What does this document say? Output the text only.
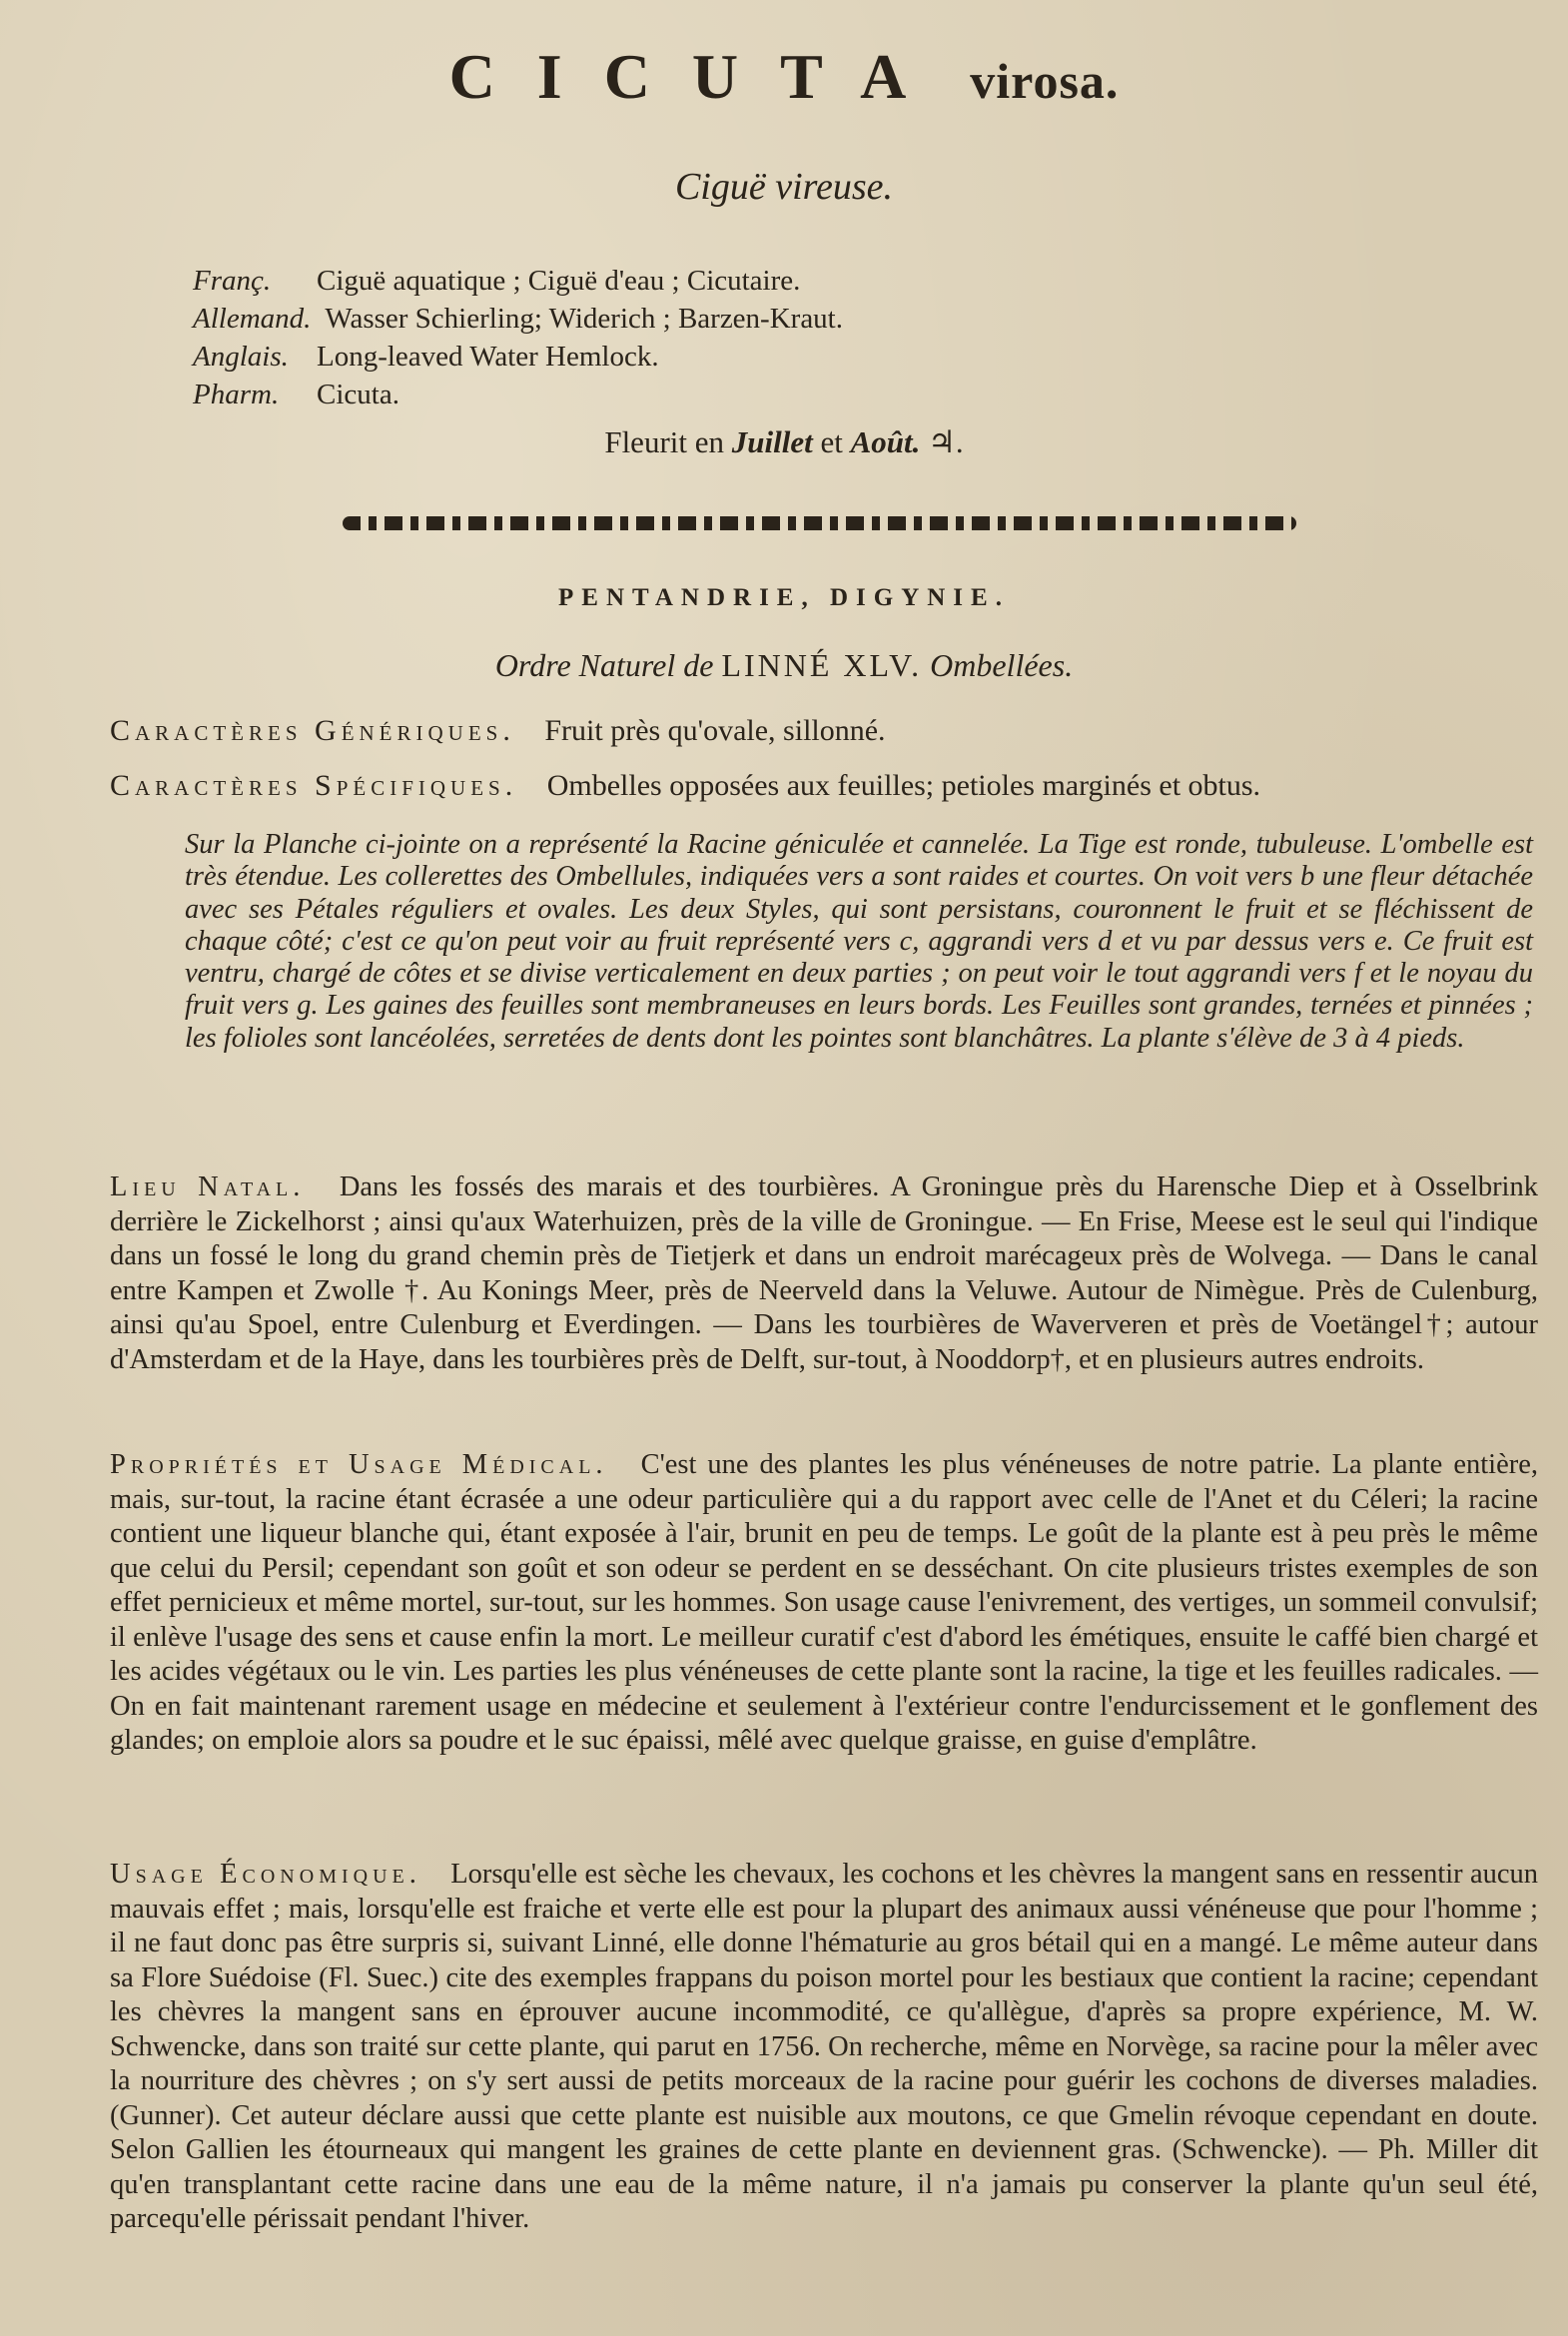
CICUTA virosa.
Ciguë vireuse.
Franç. Ciguë aquatique ; Ciguë d'eau ; Cicutaire.
Allemand. Wasser Schierling; Widerich ; Barzen-Kraut.
Anglais. Long-leaved Water Hemlock.
Pharm. Cicuta.
Fleurit en Juillet et Août. ♃.
PENTANDRIE, DIGYNIE.
Ordre Naturel de LINNÉ XLV. Ombellées.
Caractères Génériques. Fruit près qu'ovale, sillonné.
Caractères Spécifiques. Ombelles opposées aux feuilles; petioles marginés et obtus.
Sur la Planche ci-jointe on a représenté la Racine géniculée et cannelée. La Tige est ronde, tubuleuse. L'ombelle est très étendue. Les collerettes des Ombellules, indiquées vers a sont raides et courtes. On voit vers b une fleur détachée avec ses Pétales réguliers et ovales. Les deux Styles, qui sont persistans, couronnent le fruit et se fléchissent de chaque côté; c'est ce qu'on peut voir au fruit représenté vers c, aggrandi vers d et vu par dessus vers e. Ce fruit est ventru, chargé de côtes et se divise verticalement en deux parties ; on peut voir le tout aggrandi vers f et le noyau du fruit vers g. Les gaines des feuilles sont membraneuses en leurs bords. Les Feuilles sont grandes, ternées et pinnées ; les folioles sont lancéolées, serretées de dents dont les pointes sont blanchâtres. La plante s'élève de 3 à 4 pieds.
Lieu Natal. Dans les fossés des marais et des tourbières. A Groningue près du Harensche Diep et à Osselbrink derrière le Zickelhorst ; ainsi qu'aux Waterhuizen, près de la ville de Groningue. — En Frise, Meese est le seul qui l'indique dans un fossé le long du grand chemin près de Tietjerk et dans un endroit marécageux près de Wolvega. — Dans le canal entre Kampen et Zwolle †. Au Konings Meer, près de Neerveld dans la Veluwe. Autour de Nimègue. Près de Culenburg, ainsi qu'au Spoel, entre Culenburg et Everdingen. — Dans les tourbières de Waververen et près de Voetängel†; autour d'Amsterdam et de la Haye, dans les tourbières près de Delft, sur-tout, à Nooddorp†, et en plusieurs autres endroits.
Propriétés et Usage Médical. C'est une des plantes les plus vénéneuses de notre patrie. La plante entière, mais, sur-tout, la racine étant écrasée a une odeur particulière qui a du rapport avec celle de l'Anet et du Céleri; la racine contient une liqueur blanche qui, étant exposée à l'air, brunit en peu de temps. Le goût de la plante est à peu près le même que celui du Persil; cependant son goût et son odeur se perdent en se desséchant. On cite plusieurs tristes exemples de son effet pernicieux et même mortel, sur-tout, sur les hommes. Son usage cause l'enivrement, des vertiges, un sommeil convulsif; il enlève l'usage des sens et cause enfin la mort. Le meilleur curatif c'est d'abord les émétiques, ensuite le caffé bien chargé et les acides végétaux ou le vin. Les parties les plus vénéneuses de cette plante sont la racine, la tige et les feuilles radicales. — On en fait maintenant rarement usage en médecine et seulement à l'extérieur contre l'endurcissement et le gonflement des glandes; on emploie alors sa poudre et le suc épaissi, mêlé avec quelque graisse, en guise d'emplâtre.
Usage Économique. Lorsqu'elle est sèche les chevaux, les cochons et les chèvres la mangent sans en ressentir aucun mauvais effet ; mais, lorsqu'elle est fraiche et verte elle est pour la plupart des animaux aussi vénéneuse que pour l'homme ; il ne faut donc pas être surpris si, suivant Linné, elle donne l'hématurie au gros bétail qui en a mangé. Le même auteur dans sa Flore Suédoise (Fl. Suec.) cite des exemples frappans du poison mortel pour les bestiaux que contient la racine; cependant les chèvres la mangent sans en éprouver aucune incommodité, ce qu'allègue, d'après sa propre expérience, M. W. Schwencke, dans son traité sur cette plante, qui parut en 1756. On recherche, même en Norvège, sa racine pour la mêler avec la nourriture des chèvres ; on s'y sert aussi de petits morceaux de la racine pour guérir les cochons de diverses maladies. (Gunner). Cet auteur déclare aussi que cette plante est nuisible aux moutons, ce que Gmelin révoque cependant en doute. Selon Gallien les étourneaux qui mangent les graines de cette plante en deviennent gras. (Schwencke). — Ph. Miller dit qu'en transplantant cette racine dans une eau de la même nature, il n'a jamais pu conserver la plante qu'un seul été, parcequ'elle périssait pendant l'hiver.
